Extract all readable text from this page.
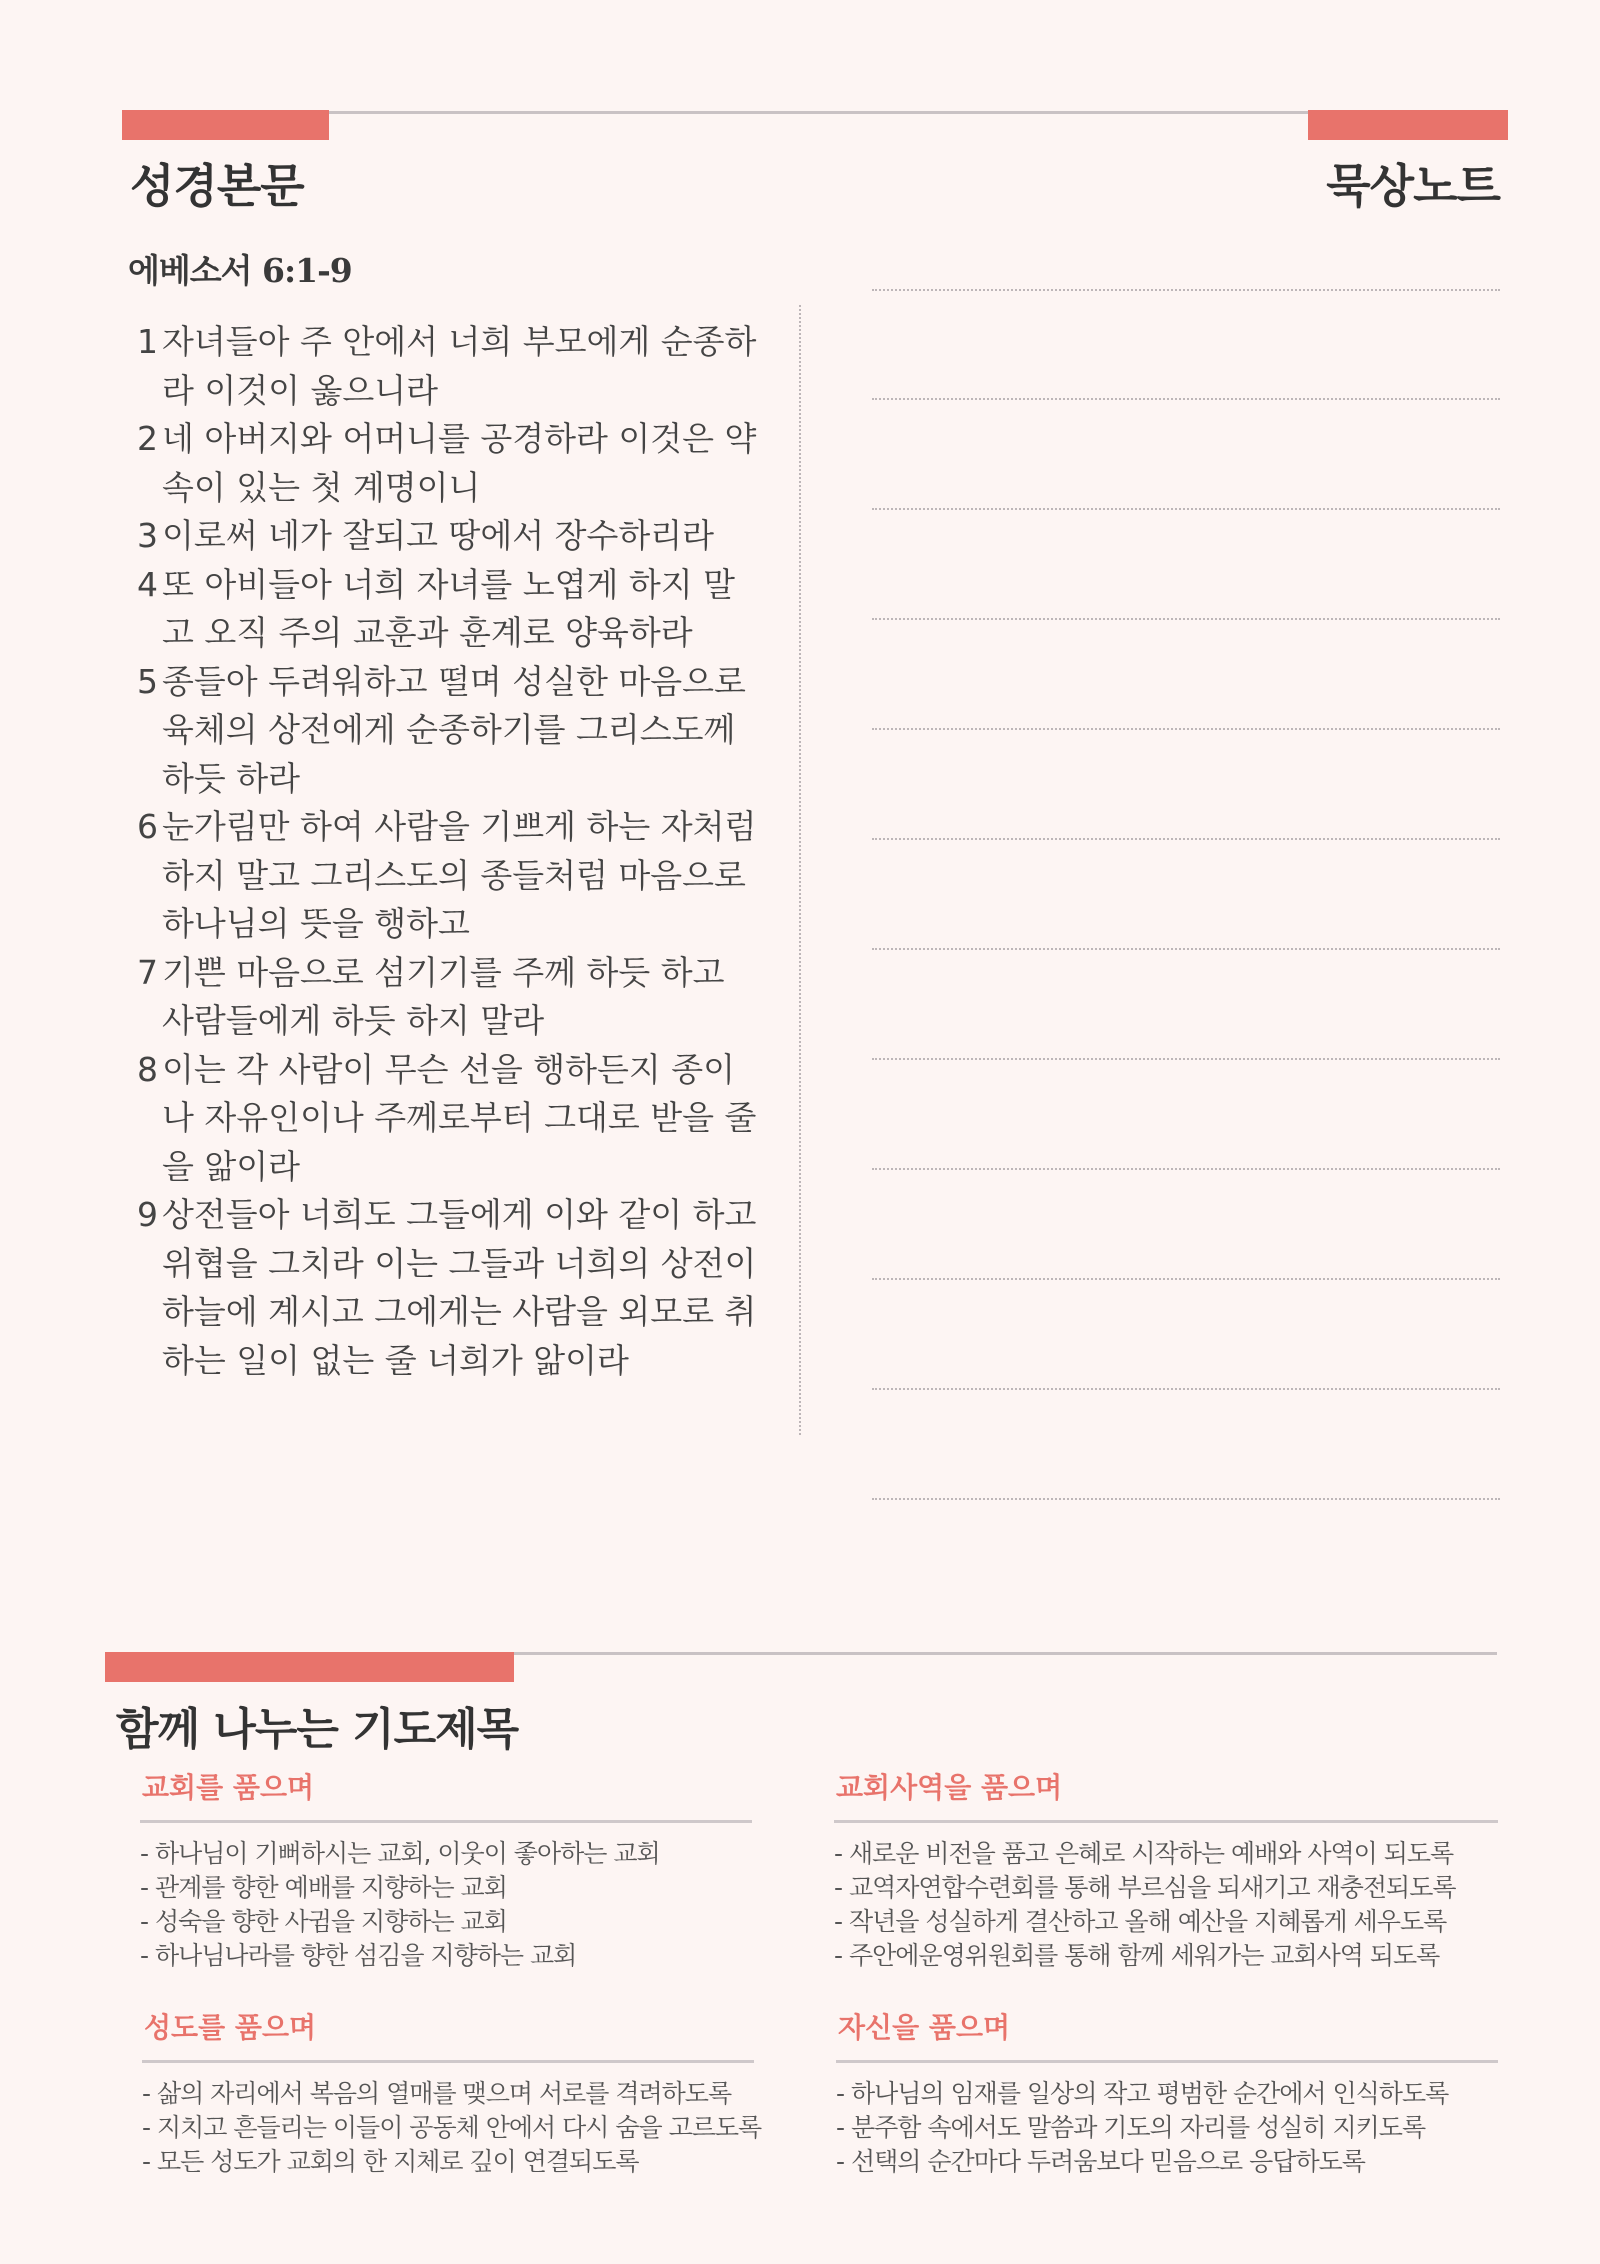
성경본문	묵상노트
에베소서 6:1-9
1 자녀들아 주 안에서 너희 부모에게 순종하라 이것이 옳으니라
2 네 아버지와 어머니를 공경하라 이것은 약속이 있는 첫 계명이니
3 이로써 네가 잘되고 땅에서 장수하리라
4 또 아비들아 너희 자녀를 노엽게 하지 말고 오직 주의 교훈과 훈계로 양육하라
5 종들아 두려워하고 떨며 성실한 마음으로 육체의 상전에게 순종하기를 그리스도께 하듯 하라
6 눈가림만 하여 사람을 기쁘게 하는 자처럼 하지 말고 그리스도의 종들처럼 마음으로 하나님의 뜻을 행하고
7 기쁜 마음으로 섬기기를 주께 하듯 하고 사람들에게 하듯 하지 말라
8 이는 각 사람이 무슨 선을 행하든지 종이나 자유인이나 주께로부터 그대로 받을 줄을 앎이라
9 상전들아 너희도 그들에게 이와 같이 하고 위협을 그치라 이는 그들과 너희의 상전이 하늘에 계시고 그에게는 사람을 외모로 취하는 일이 없는 줄 너희가 앎이라
함께 나누는 기도제목
교회를 품으며
- 하나님이 기뻐하시는 교회, 이웃이 좋아하는 교회
- 관계를 향한 예배를 지향하는 교회
- 성숙을 향한 사귐을 지향하는 교회
- 하나님나라를 향한 섬김을 지향하는 교회
교회사역을 품으며
- 새로운 비전을 품고 은혜로 시작하는 예배와 사역이 되도록
- 교역자연합수련회를 통해 부르심을 되새기고 재충전되도록
- 작년을 성실하게 결산하고 올해 예산을 지혜롭게 세우도록
- 주안에운영위원회를 통해 함께 세워가는 교회사역 되도록
성도를 품으며
- 삶의 자리에서 복음의 열매를 맺으며 서로를 격려하도록
- 지치고 흔들리는 이들이 공동체 안에서 다시 숨을 고르도록
- 모든 성도가 교회의 한 지체로 깊이 연결되도록
자신을 품으며
- 하나님의 임재를 일상의 작고 평범한 순간에서 인식하도록
- 분주함 속에서도 말씀과 기도의 자리를 성실히 지키도록
- 선택의 순간마다 두려움보다 믿음으로 응답하도록
